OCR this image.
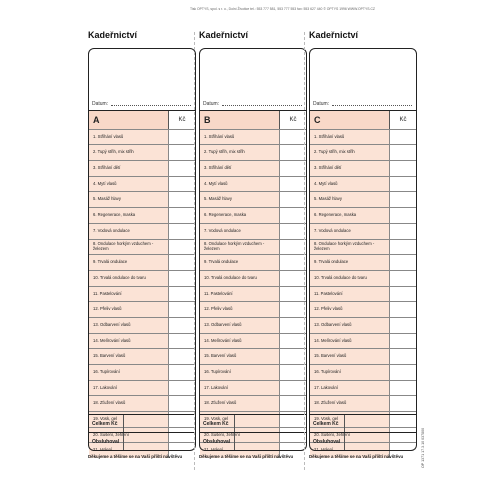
Tisk OPTYS, spol. s r. o., Dolní Životice tel.: 553 777 581, 553 777 553 fax: 553 627 440 © OPTYS 1996 WWW.OPTYS.CZ
Kadeřnictví
Datum:
A	Kč
1. Stříhání vlasů
2. Tupý střih, mix střih
3. Stříhání dětí
4. Mytí vlasů
5. Masáž hlavy
6. Regenerace, maska
7. Vodová ondulace
8. Ondulace horkým vzduchem - železem
9. Trvalá ondulace
10. Trvalá ondulace do tvaru
11. Pastelování
12. Přeliv vlasů
13. Odbarvení vlasů
14. Melírování vlasů
15. Barvení vlasů
16. Tupírování
17. Lakování
18. Zťužení vlasů
19. Vosk, gel
20. Sušení, žehlení
21. Holení
Celkem Kč
Obsluhoval
Děkujeme a těšíme se na Vaši příští návštěvu
Kadeřnictví
Datum:
B	Kč
1. Stříhání vlasů
2. Tupý střih, mix střih
3. Stříhání dětí
4. Mytí vlasů
5. Masáž hlavy
6. Regenerace, maska
7. Vodová ondulace
8. Ondulace horkým vzduchem - železem
9. Trvalá ondulace
10. Trvalá ondulace do tvaru
11. Pastelování
12. Přeliv vlasů
13. Odbarvení vlasů
14. Melírování vlasů
15. Barvení vlasů
16. Tupírování
17. Lakování
18. Zťužení vlasů
19. Vosk, gel
20. Sušení, žehlení
21. Holení
Celkem Kč
Obsluhoval
Děkujeme a těšíme se na Vaši příští návštěvu
Kadeřnictví
Datum:
C	Kč
1. Stříhání vlasů
2. Tupý střih, mix střih
3. Stříhání dětí
4. Mytí vlasů
5. Masáž hlavy
6. Regenerace, maska
7. Vodová ondulace
8. Ondulace horkým vzduchem - železem
9. Trvalá ondulace
10. Trvalá ondulace do tvaru
11. Pastelování
12. Přeliv vlasů
13. Odbarvení vlasů
14. Melírování vlasů
15. Barvení vlasů
16. Tupírování
17. Lakování
18. Zťužení vlasů
19. Vosk, gel
20. Sušení, žehlení
21. Holení
Celkem Kč
Obsluhoval
Děkujeme a těšíme se na Vaši příští návštěvu	OP 1371 17.3.10 037800
